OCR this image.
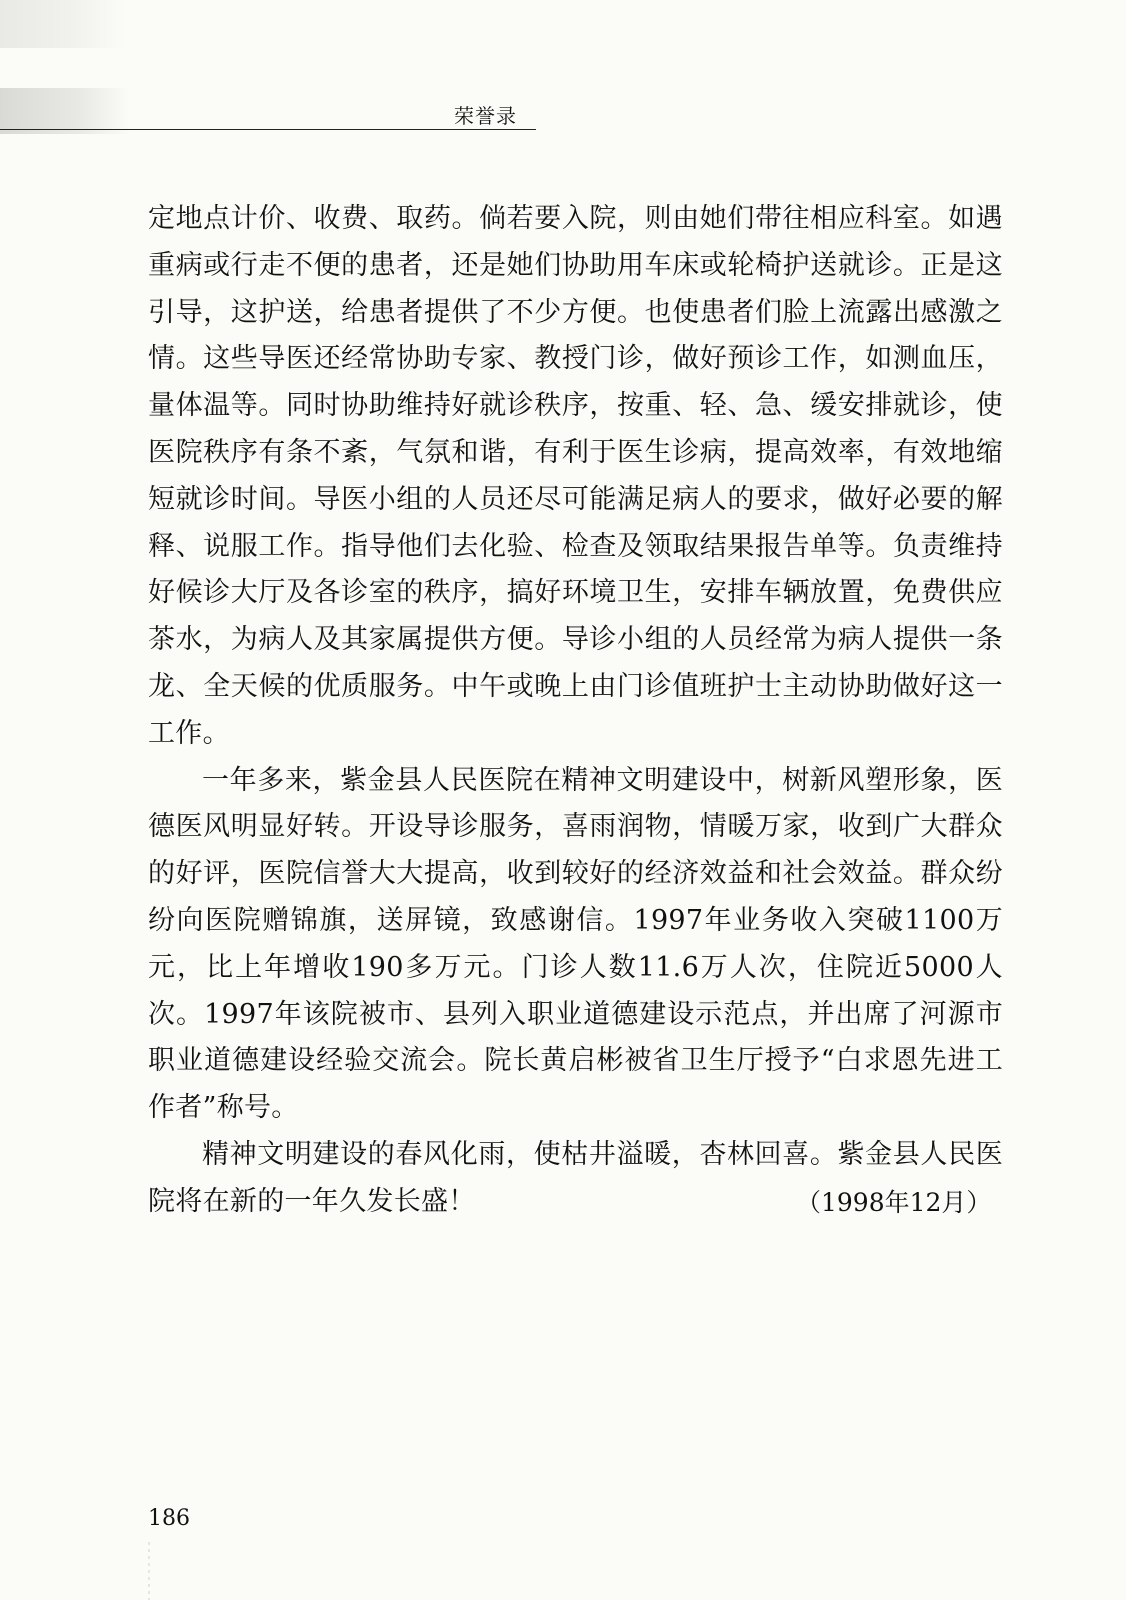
荣誉录

定地点计价、收费、取药。倘若要入院，则由她们带往相应科室。如遇重病或行走不便的患者，还是她们协助用车床或轮椅护送就诊。正是这引导，这护送，给患者提供了不少方便。也使患者们脸上流露出感激之情。这些导医还经常协助专家、教授门诊，做好预诊工作，如测血压，量体温等。同时协助维持好就诊秩序，按重、轻、急、缓安排就诊，使医院秩序有条不紊，气氛和谐，有利于医生诊病，提高效率，有效地缩短就诊时间。导医小组的人员还尽可能满足病人的要求，做好必要的解释、说服工作。指导他们去化验、检查及领取结果报告单等。负责维持好候诊大厅及各诊室的秩序，搞好环境卫生，安排车辆放置，免费供应茶水，为病人及其家属提供方便。导诊小组的人员经常为病人提供一条龙、全天候的优质服务。中午或晚上由门诊值班护士主动协助做好这一工作。

一年多来，紫金县人民医院在精神文明建设中，树新风塑形象，医德医风明显好转。开设导诊服务，喜雨润物，情暖万家，收到广大群众的好评，医院信誉大大提高，收到较好的经济效益和社会效益。群众纷纷向医院赠锦旗，送屏镜，致感谢信。1997年业务收入突破1100万元，比上年增收190多万元。门诊人数11.6万人次，住院近5000人次。1997年该院被市、县列入职业道德建设示范点，并出席了河源市职业道德建设经验交流会。院长黄启彬被省卫生厅授予“白求恩先进工作者”称号。

精神文明建设的春风化雨，使枯井溢暖，杏林回喜。紫金县人民医院将在新的一年久发长盛！	（1998年12月）
186
